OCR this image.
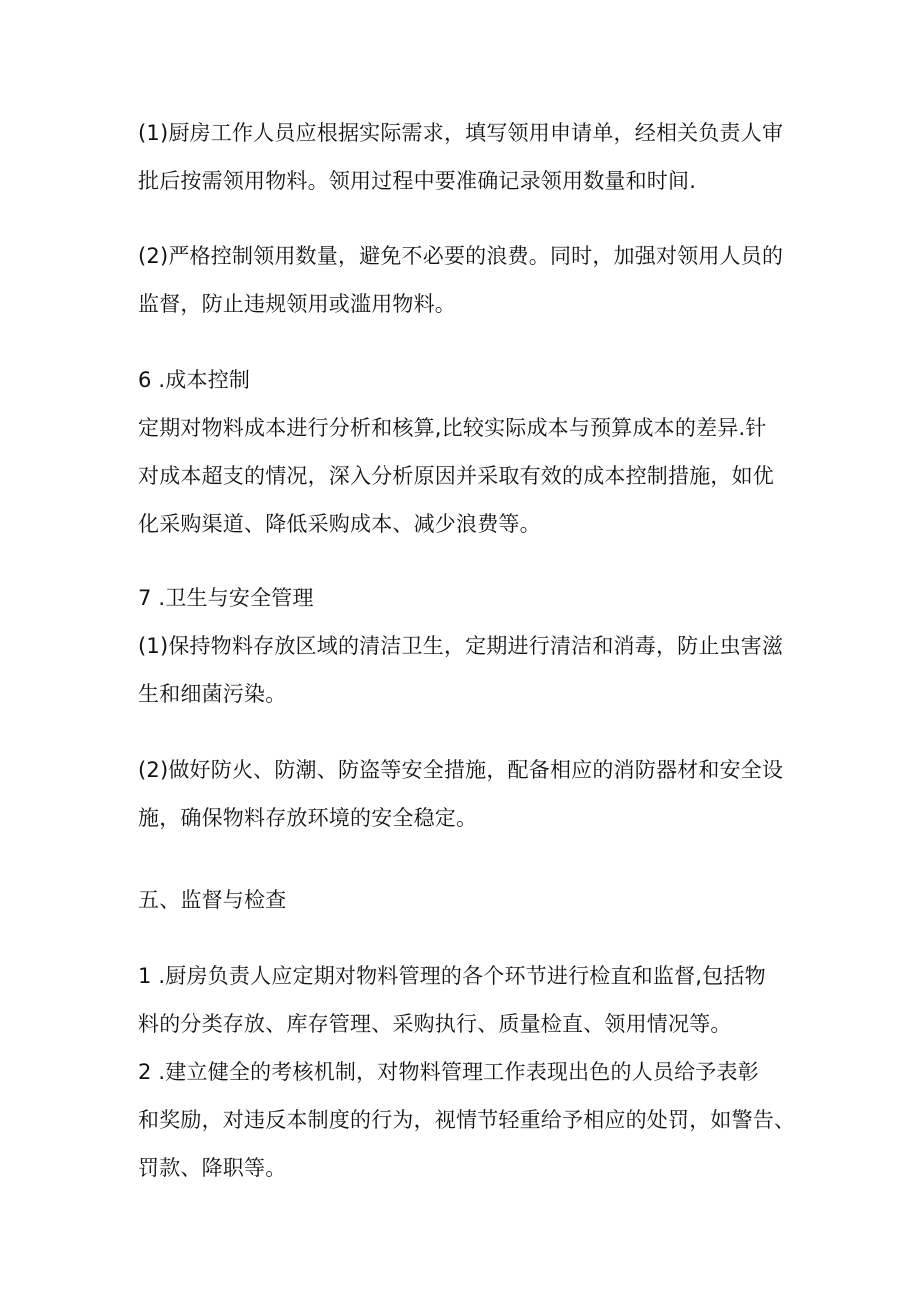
(1)厨房工作人员应根据实际需求，填写领用申请单，经相关负责人审
批后按需领用物料。领用过程中要准确记录领用数量和时间.
(2)严格控制领用数量，避免不必要的浪费。同时，加强对领用人员的
监督，防止违规领用或滥用物料。
6 .成本控制
定期对物料成本进行分析和核算,比较实际成本与预算成本的差异.针
对成本超支的情况，深入分析原因并采取有效的成本控制措施，如优
化采购渠道、降低采购成本、减少浪费等。
7 .卫生与安全管理
(1)保持物料存放区域的清洁卫生，定期进行清洁和消毒，防止虫害滋
生和细菌污染。
(2)做好防火、防潮、防盗等安全措施，配备相应的消防器材和安全设
施，确保物料存放环境的安全稳定。
五、监督与检查
1 .厨房负责人应定期对物料管理的各个环节进行检直和监督,包括物
料的分类存放、库存管理、采购执行、质量检直、领用情况等。
2 .建立健全的考核机制，对物料管理工作表现出色的人员给予表彰
和奖励，对违反本制度的行为，视情节轻重给予相应的处罚，如警告、
罚款、降职等。
